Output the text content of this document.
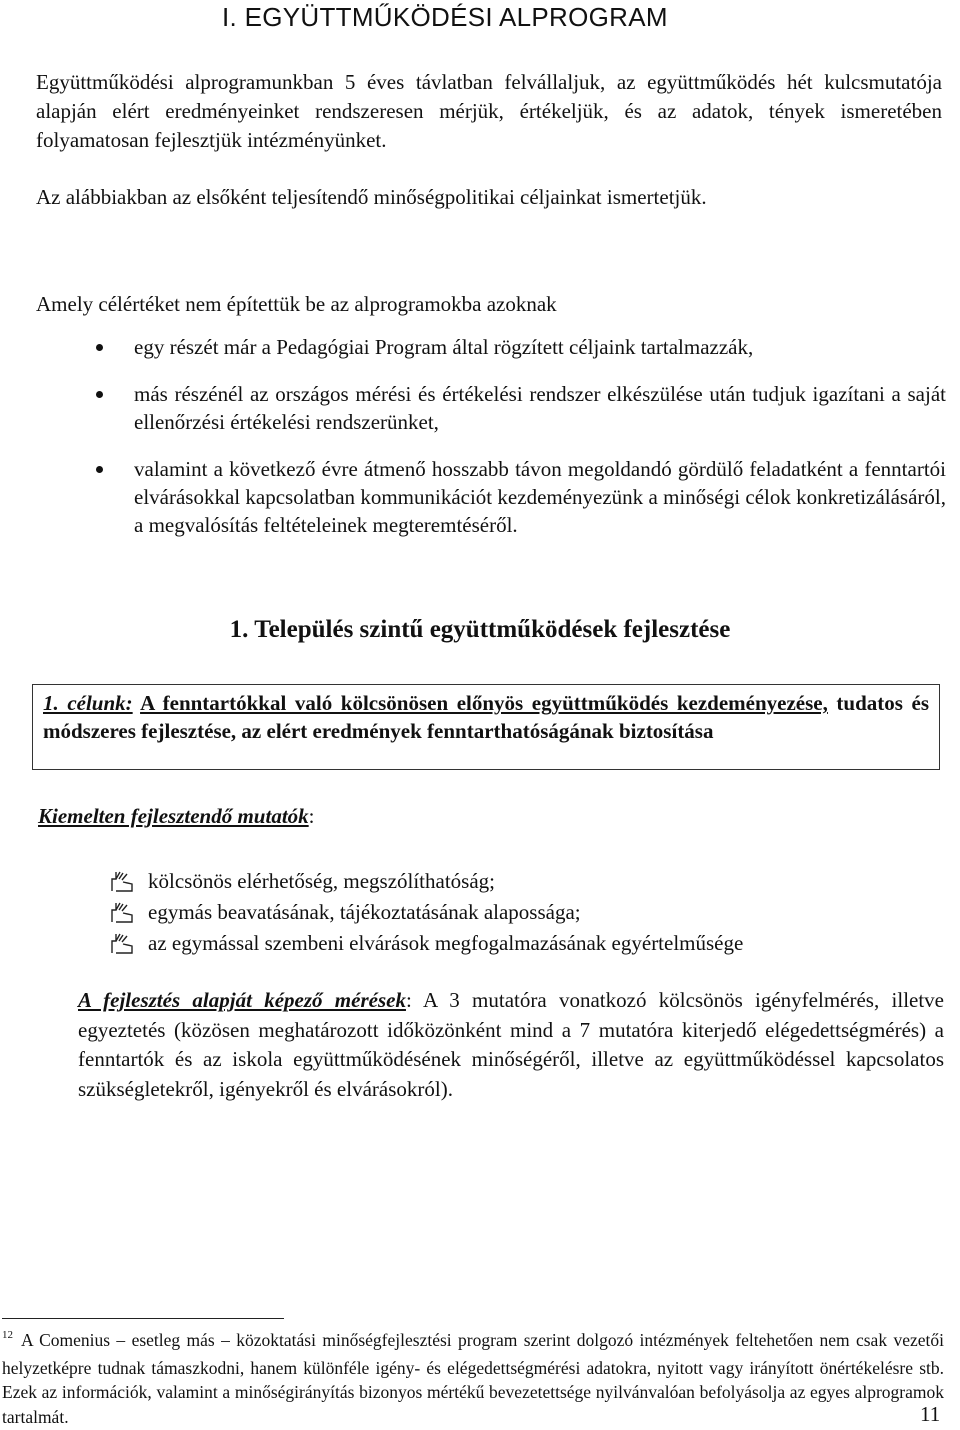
I. EGYÜTTMŰKÖDÉSI ALPROGRAM
Együttműködési alprogramunkban 5 éves távlatban felvállaljuk, az együttműködés hét kulcsmutatója alapján elért eredményeinket rendszeresen mérjük, értékeljük, és az adatok, tények ismeretében folyamatosan fejlesztjük intézményünket.
Az alábbiakban az elsőként teljesítendő minőségpolitikai céljainkat ismertetjük.
Amely célértéket nem építettük be az alprogramokba azoknak
egy részét már a Pedagógiai Program által rögzített céljaink tartalmazzák,
más részénél az országos mérési és értékelési rendszer elkészülése után tudjuk igazítani a saját ellenőrzési értékelési rendszerünket,
valamint a következő évre átmenő hosszabb távon megoldandó gördülő feladatként a fenntartói elvárásokkal kapcsolatban kommunikációt kezdeményezünk a minőségi célok konkretizálásáról, a megvalósítás feltételeinek megteremtéséről.
1. Település szintű együttműködések fejlesztése
1. célunk: A fenntartókkal való kölcsönösen előnyös együttműködés kezdeményezése, tudatos és módszeres fejlesztése, az elért eredmények fenntarthatóságának biztosítása
Kiemelten fejlesztendő mutatók:
kölcsönös elérhetőség, megszólíthatóság;
egymás beavatásának, tájékoztatásának alapossága;
az egymással szembeni elvárások megfogalmazásának egyértelműsége
A fejlesztés alapját képező mérések: A 3 mutatóra vonatkozó kölcsönös igényfelmérés, illetve egyeztetés (közösen meghatározott időközönként mind a 7 mutatóra kiterjedő elégedettségmérés) a fenntartók és az iskola együttműködésének minőségéről, illetve az együttműködéssel kapcsolatos szükségletekről, igényekről és elvárásokról).
$^{12}$ A Comenius – esetleg más – közoktatási minőségfejlesztési program szerint dolgozó intézmények feltehetően nem csak vezetői helyzetképre tudnak támaszkodni, hanem különféle igény- és elégedettségmérési adatokra, nyitott vagy irányított önértékelésre stb. Ezek az információk, valamint a minőségirányítás bizonyos mértékű bevezetettsége nyilvánvalóan befolyásolja az egyes alprogramok tartalmát.	11
